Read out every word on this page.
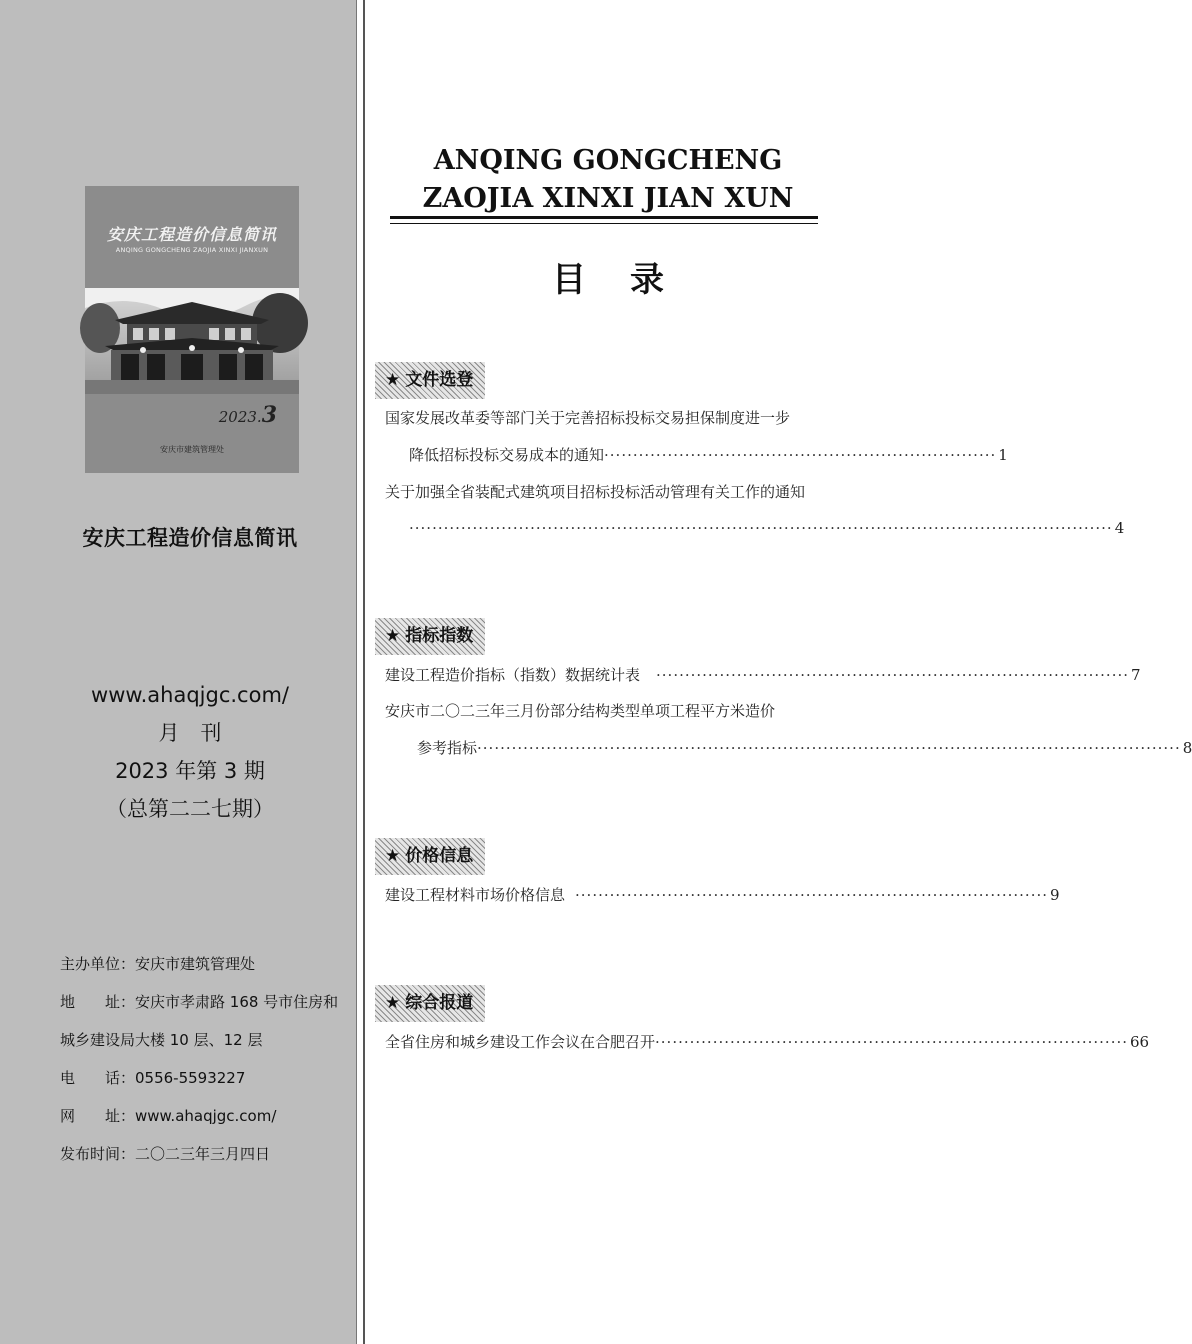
安庆工程造价信息简讯
ANQING GONGCHENG ZAOJIA XINXI JIANXUN
2023.3
安庆市建筑管理处
安庆工程造价信息简讯
www.ahaqjgc.com/
月　刊
2023 年第 3 期
（总第二二七期）
主办单位：安庆市建筑管理处
地　　址：安庆市孝肃路 168 号市住房和
城乡建设局大楼 10 层、12 层
电　　话：0556-5593227
网　　址：www.ahaqjgc.com/
发布时间：二〇二三年三月四日
ANQING GONGCHENG
ZAOJIA XINXI JIAN XUN
目录
★ 文件选登
国家发展改革委等部门关于完善招标投标交易担保制度进一步
降低招标投标交易成本的通知 ···································································· 1
关于加强全省装配式建筑项目招标投标活动管理有关工作的通知
·························································································································· 4
★ 指标指数
建设工程造价指标（指数）数据统计表	·················································································· 7
安庆市二〇二三年三月份部分结构类型单项工程平方米造价
参考指标 ·························································································································· 8
★ 价格信息
建设工程材料市场价格信息 ·················································································· 9
★ 综合报道
全省住房和城乡建设工作会议在合肥召开 ·················································································· 66
